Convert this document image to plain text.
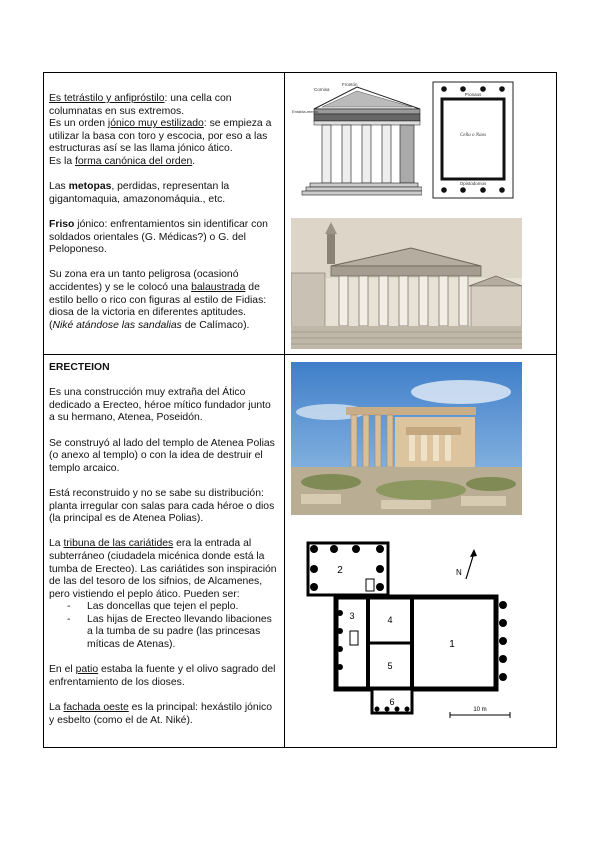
Es tetrástilo y anfipróstilo: una cella con columnatas en sus extremos.
Es un orden jónico muy estilizado: se empieza a utilizar la basa con toro y escocia, por eso a las estructuras así se las llama jónico ático.
Es la forma canónica del orden.

Las metopas, perdidas, representan la gigantomaquia, amazonomáquia., etc.

Friso jónico: enfrentamientos sin identificar con soldados orientales (G. Médicas?) o G. del Peloponeso.

Su zona era un tanto peligrosa (ocasionó accidentes) y se le colocó una balaustrada de estilo bello o rico con figuras al estilo de Fidias: diosa de la victoria en diferentes aptitudes.
(Niké atándose las sandalias de Calímaco).

ERECTEION

Es una construcción muy extraña del Ático dedicado a Erecteo, héroe mítico fundador junto a su hermano, Atenea, Poseidón.

Se construyó al lado del templo de Atenea Polias (o anexo al templo) o con la idea de destruir el templo arcaico.

Está reconstruido y no se sabe su distribución: planta irregular con salas para cada héroe o dios (la principal es de Atenea Polias).

La tribuna de las cariátides era la entrada al subterráneo (ciudadela micénica donde está la tumba de Erecteo). Las cariátides son inspiración de las del tesoro de los sifnios, de Alcamenes, pero vistiendo el peplo ático. Pueden ser:

- Las doncellas que tejen el peplo.
- Las hijas de Erecteo llevando libaciones a la tumba de su padre (las princesas míticas de Atenas).

En el patio estaba la fuente y el olivo sagrado del enfrentamiento de los dioses.

La fachada oeste es la principal: hexástilo jónico y esbelto (como el de At. Niké).

Cornisa
Frontón
Entabla-mento
Pronaos
Cella o Naos
Opistodomos
2
1
3	4
5
6
N
10 m
